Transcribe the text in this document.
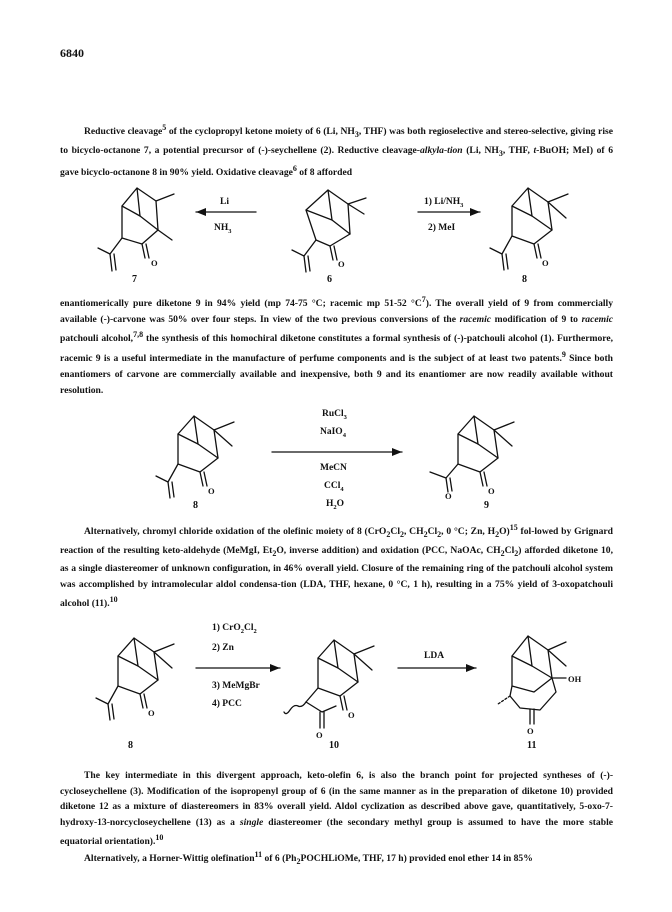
6840

Reductive cleavage$^5$ of the cyclopropyl ketone moiety of 6 (Li, $NH_3$, THF) was both regioselective and stereo-selective, giving rise to bicyclo-octanone 7, a potential precursor of (-)-seychellene (2). Reductive cleavage-alkyla-tion (Li, $NH_3$, THF, t-BuOH; MeI) of 6 gave bicyclo-octanone 8 in 90% yield. Oxidative cleavage$^6$ of 8 afforded

O
7
Li
$NH_3$
O
6
1) $Li/NH_3$
2) MeI
O
8

enantiomerically pure diketone 9 in 94% yield (mp 74-75 °C; racemic mp 51-52 $^\circ C^7$). The overall yield of 9 from commercially available (-)-carvone was 50% over four steps. In view of the two previous conversions of the racemic modification of 9 to racemic patchouli alcohol,$^{7,8}$ the synthesis of this homochiral diketone constitutes a formal synthesis of (-)-patchouli alcohol (1). Furthermore, racemic 9 is a useful intermediate in the manufacture of perfume components and is the subject of at least two patents.$^9$ Since both enantiomers of carvone are commercially available and inexpensive, both 9 and its enantiomer are now readily available without resolution.

O
8
RuCl$_3$
NaIO$_4$
MeCN
CCl$_4$
$H_2O$
O	O
9

Alternatively, chromyl chloride oxidation of the olefinic moiety of 8 ($CrO_2Cl_2$, $CH_2Cl_2$, 0 °C; Zn, $H_2O)^{15}$ fol-lowed by Grignard reaction of the resulting keto-aldehyde (MeMgI, $Et_2O$, inverse addition) and oxidation (PCC, NaOAc, $CH_2Cl_2$) afforded diketone 10, as a single diastereomer of unknown configuration, in 46% overall yield. Closure of the remaining ring of the patchouli alcohol system was accomplished by intramolecular aldol condensa-tion (LDA, THF, hexane, 0 °C, 1 h), resulting in a 75% yield of 3-oxopatchouli alcohol (11).$^{10}$

O
8
1) $CrO_2Cl_2$
2) Zn
3) MeMgBr
4) PCC
O
O
10
LDA
OH
O
11

The key intermediate in this divergent approach, keto-olefin 6, is also the branch point for projected syntheses of (-)-cycloseychellene (3). Modification of the isopropenyl group of 6 (in the same manner as in the preparation of diketone 10) provided diketone 12 as a mixture of diastereomers in 83% overall yield. Aldol cyclization as described above gave, quantitatively, 5-oxo-7-hydroxy-13-norcycloseychellene (13) as a single diastereomer (the secondary methyl group is assumed to have the more stable equatorial orientation).$^{10}$

Alternatively, a Horner-Wittig olefination$^{11}$ of 6 ($Ph_2POCHLiOMe$, THF, 17 h) provided enol ether 14 in 85%
